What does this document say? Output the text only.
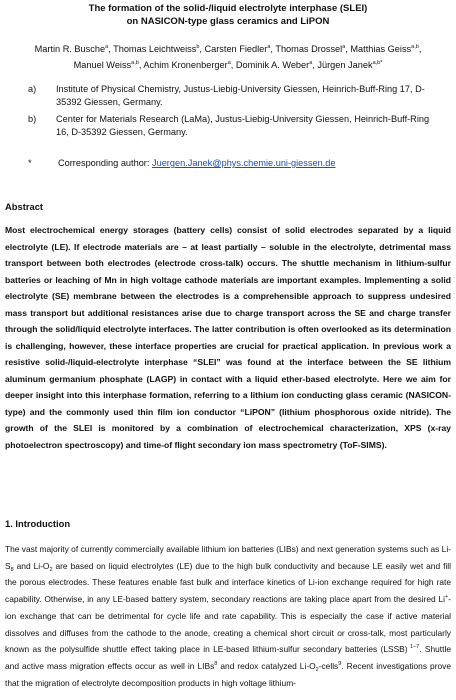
The formation of the solid-/liquid electrolyte interphase (SLEI)
on NASICON-type glass ceramics and LiPON
Martin R. Busche$^a$, Thomas Leichtweiss$^b$, Carsten Fiedler$^a$, Thomas Drossel$^a$, Matthias Geiss$^{a,b}$,
Manuel Weiss$^{a,b}$, Achim Kronenberger$^a$, Dominik A. Weber$^a$, Jürgen Janek$^{a,b*}$
a) Institute of Physical Chemistry, Justus-Liebig-University Giessen, Heinrich-Buff-Ring 17, D-35392 Giessen, Germany.
b) Center for Materials Research (LaMa), Justus-Liebig-University Giessen, Heinrich-Buff-Ring 16, D-35392 Giessen, Germany.
*	Corresponding author: Juergen.Janek@phys.chemie.uni-giessen.de
Abstract
Most electrochemical energy storages (battery cells) consist of solid electrodes separated by a liquid electrolyte (LE). If electrode materials are – at least partially – soluble in the electrolyte, detrimental mass transport between both electrodes (electrode cross-talk) occurs. The shuttle mechanism in lithium-sulfur batteries or leaching of Mn in high voltage cathode materials are important examples. Implementing a solid electrolyte (SE) membrane between the electrodes is a comprehensible approach to suppress undesired mass transport but additional resistances arise due to charge transport across the SE and charge transfer through the solid/liquid electrolyte interfaces. The latter contribution is often overlooked as its determination is challenging, however, these interface properties are crucial for practical application. In previous work a resistive solid-/liquid-electrolyte interphase “SLEI” was found at the interface between the SE lithium aluminum germanium phosphate (LAGP) in contact with a liquid ether-based electrolyte. Here we aim for deeper insight into this interphase formation, referring to a lithium ion conducting glass ceramic (NASICON-type) and the commonly used thin film ion conductor “LiPON” (lithium phosphorous oxide nitride). The growth of the SLEI is monitored by a combination of electrochemical characterization, XPS (x-ray photoelectron spectroscopy) and time-of flight secondary ion mass spectrometry (ToF-SIMS).
1. Introduction
The vast majority of currently commercially available lithium ion batteries (LIBs) and next generation systems such as $Li-S_8$ and $Li-O_2$ are based on liquid electrolytes (LE) due to the high bulk conductivity and because LE easily wet and fill the porous electrodes. These features enable fast bulk and interface kinetics of Li-ion exchange required for high rate capability. Otherwise, in any LE-based battery system, secondary reactions are taking place apart from the desired Li+-ion exchange that can be detrimental for cycle life and rate capability. This is especially the case if active material dissolves and diffuses from the cathode to the anode, creating a chemical short circuit or cross-talk, most particularly known as the polysulfide shuttle effect taking place in LE-based lithium-sulfur secondary batteries (LSSB) $^{1-7}$. Shuttle and active mass migration effects occur as well in LIBs$^8$ and redox catalyzed $Li-O_2-cells^9$. Recent investigations prove that the migration of electrolyte decomposition products in high voltage lithium-
